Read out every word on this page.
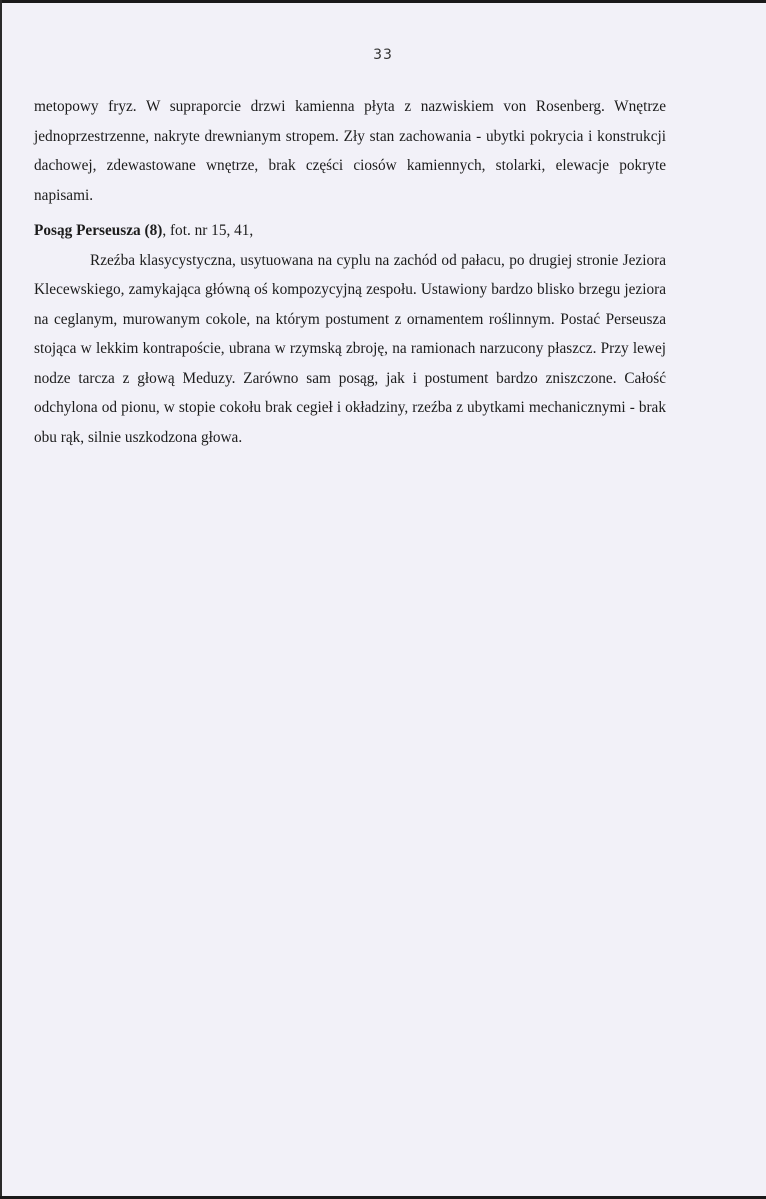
33

metopowy fryz. W supraporcie drzwi kamienna płyta z nazwiskiem von Rosenberg. Wnętrze jednoprzestrzenne, nakryte drewnianym stropem. Zły stan zachowania - ubytki pokrycia i konstrukcji dachowej, zdewastowane wnętrze, brak części ciosów kamiennych, stolarki, elewacje pokryte napisami.

Posąg Perseusza (8), fot. nr 15, 41,

Rzeźba klasycystyczna, usytuowana na cyplu na zachód od pałacu, po drugiej stronie Jeziora Klecewskiego, zamykająca główną oś kompozycyjną zespołu. Ustawiony bardzo blisko brzegu jeziora na ceglanym, murowanym cokole, na którym postument z ornamentem roślinnym. Postać Perseusza stojąca w lekkim kontrapoście, ubrana w rzymską zbroję, na ramionach narzucony płaszcz. Przy lewej nodze tarcza z głową Meduzy. Zarówno sam posąg, jak i postument bardzo zniszczone. Całość odchylona od pionu, w stopie cokołu brak cegieł i okładziny, rzeźba z ubytkami mechanicznymi - brak obu rąk, silnie uszkodzona głowa.
